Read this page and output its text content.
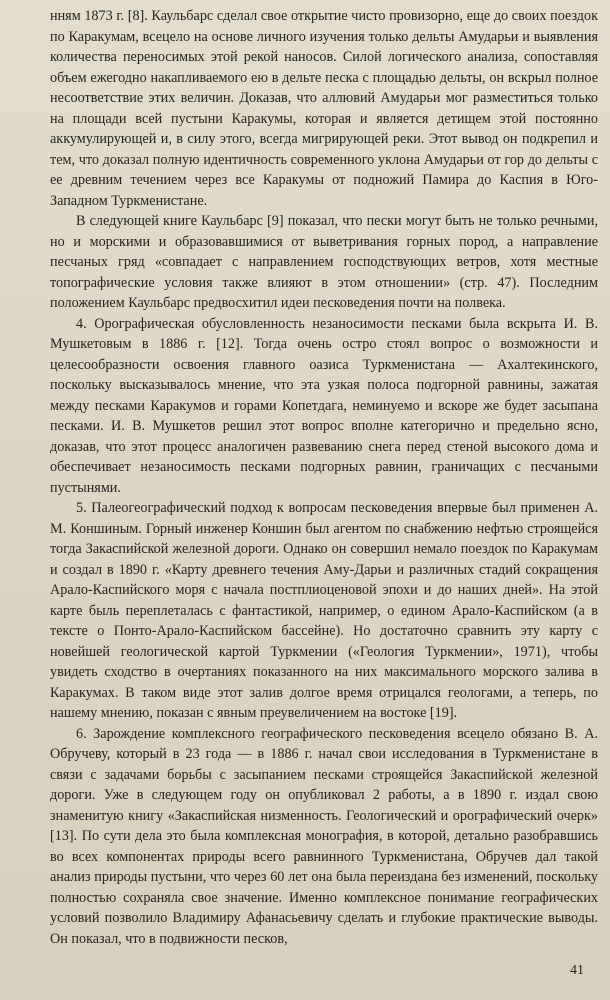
нням 1873 г. [8]. Каульбарс сделал свое открытие чисто провизорно, еще до своих поездок по Каракумам, всецело на основе личного изучения только дельты Амударьи и выявления количества переносимых этой рекой наносов. Силой логического анализа, сопоставляя объем ежегодно накапливаемого ею в дельте песка с площадью дельты, он вскрыл полное несоответствие этих величин. Доказав, что аллювий Амударьи мог разместиться только на площади всей пустыни Каракумы, которая и является детищем этой постоянно аккумулирующей и, в силу этого, всегда мигрирующей реки. Этот вывод он подкрепил и тем, что доказал полную идентичность современного уклона Амударьи от гор до дельты с ее древним течением через все Каракумы от подножий Памира до Каспия в Юго-Западном Туркменистане.

В следующей книге Каульбарс [9] показал, что пески могут быть не только речными, но и морскими и образовавшимися от выветривания горных пород, а направление песчаных гряд «совпадает с направлением господствующих ветров, хотя местные топографические условия также влияют в этом отношении» (стр. 47). Последним положением Каульбарс предвосхитил идеи песковедения почти на полвека.

4. Орографическая обусловленность незаносимости песками была вскрыта И. В. Мушкетовым в 1886 г. [12]. Тогда очень остро стоял вопрос о возможности и целесообразности освоения главного оазиса Туркменистана — Ахалтекинского, поскольку высказывалось мнение, что эта узкая полоса подгорной равнины, зажатая между песками Каракумов и горами Копетдага, неминуемо и вскоре же будет засыпана песками. И. В. Мушкетов решил этот вопрос вполне категорично и предельно ясно, доказав, что этот процесс аналогичен развеванию снега перед стеной высокого дома и обеспечивает незаносимость песками подгорных равнин, граничащих с песчаными пустынями.

5. Палеогеографический подход к вопросам песковедения впервые был применен А. М. Коншиным. Горный инженер Коншин был агентом по снабжению нефтью строящейся тогда Закаспийской железной дороги. Однако он совершил немало поездок по Каракумам и создал в 1890 г. «Карту древнего течения Аму-Дарьи и различных стадий сокращения Арало-Каспийского моря с начала постплиоценовой эпохи и до наших дней». На этой карте быль переплеталась с фантастикой, например, о едином Арало-Каспийском (а в тексте о Понто-Арало-Каспийском бассейне). Но достаточно сравнить эту карту с новейшей геологической картой Туркмении («Геология Туркмении», 1971), чтобы увидеть сходство в очертаниях показанного на них максимального морского залива в Каракумах. В таком виде этот залив долгое время отрицался геологами, а теперь, по нашему мнению, показан с явным преувеличением на востоке [19].

6. Зарождение комплексного географического песковедения всецело обязано В. А. Обручеву, который в 23 года — в 1886 г. начал свои исследования в Туркменистане в связи с задачами борьбы с засыпанием песками строящейся Закаспийской железной дороги. Уже в следующем году он опубликовал 2 работы, а в 1890 г. издал свою знаменитую книгу «Закаспийская низменность. Геологический и орографический очерк» [13]. По сути дела это была комплексная монография, в которой, детально разобравшись во всех компонентах природы всего равнинного Туркменистана, Обручев дал такой анализ природы пустыни, что через 60 лет она была переиздана без изменений, поскольку полностью сохраняла свое значение. Именно комплексное понимание географических условий позволило Владимиру Афанасьевичу сделать и глубокие практические выводы. Он показал, что в подвижности песков,

41
